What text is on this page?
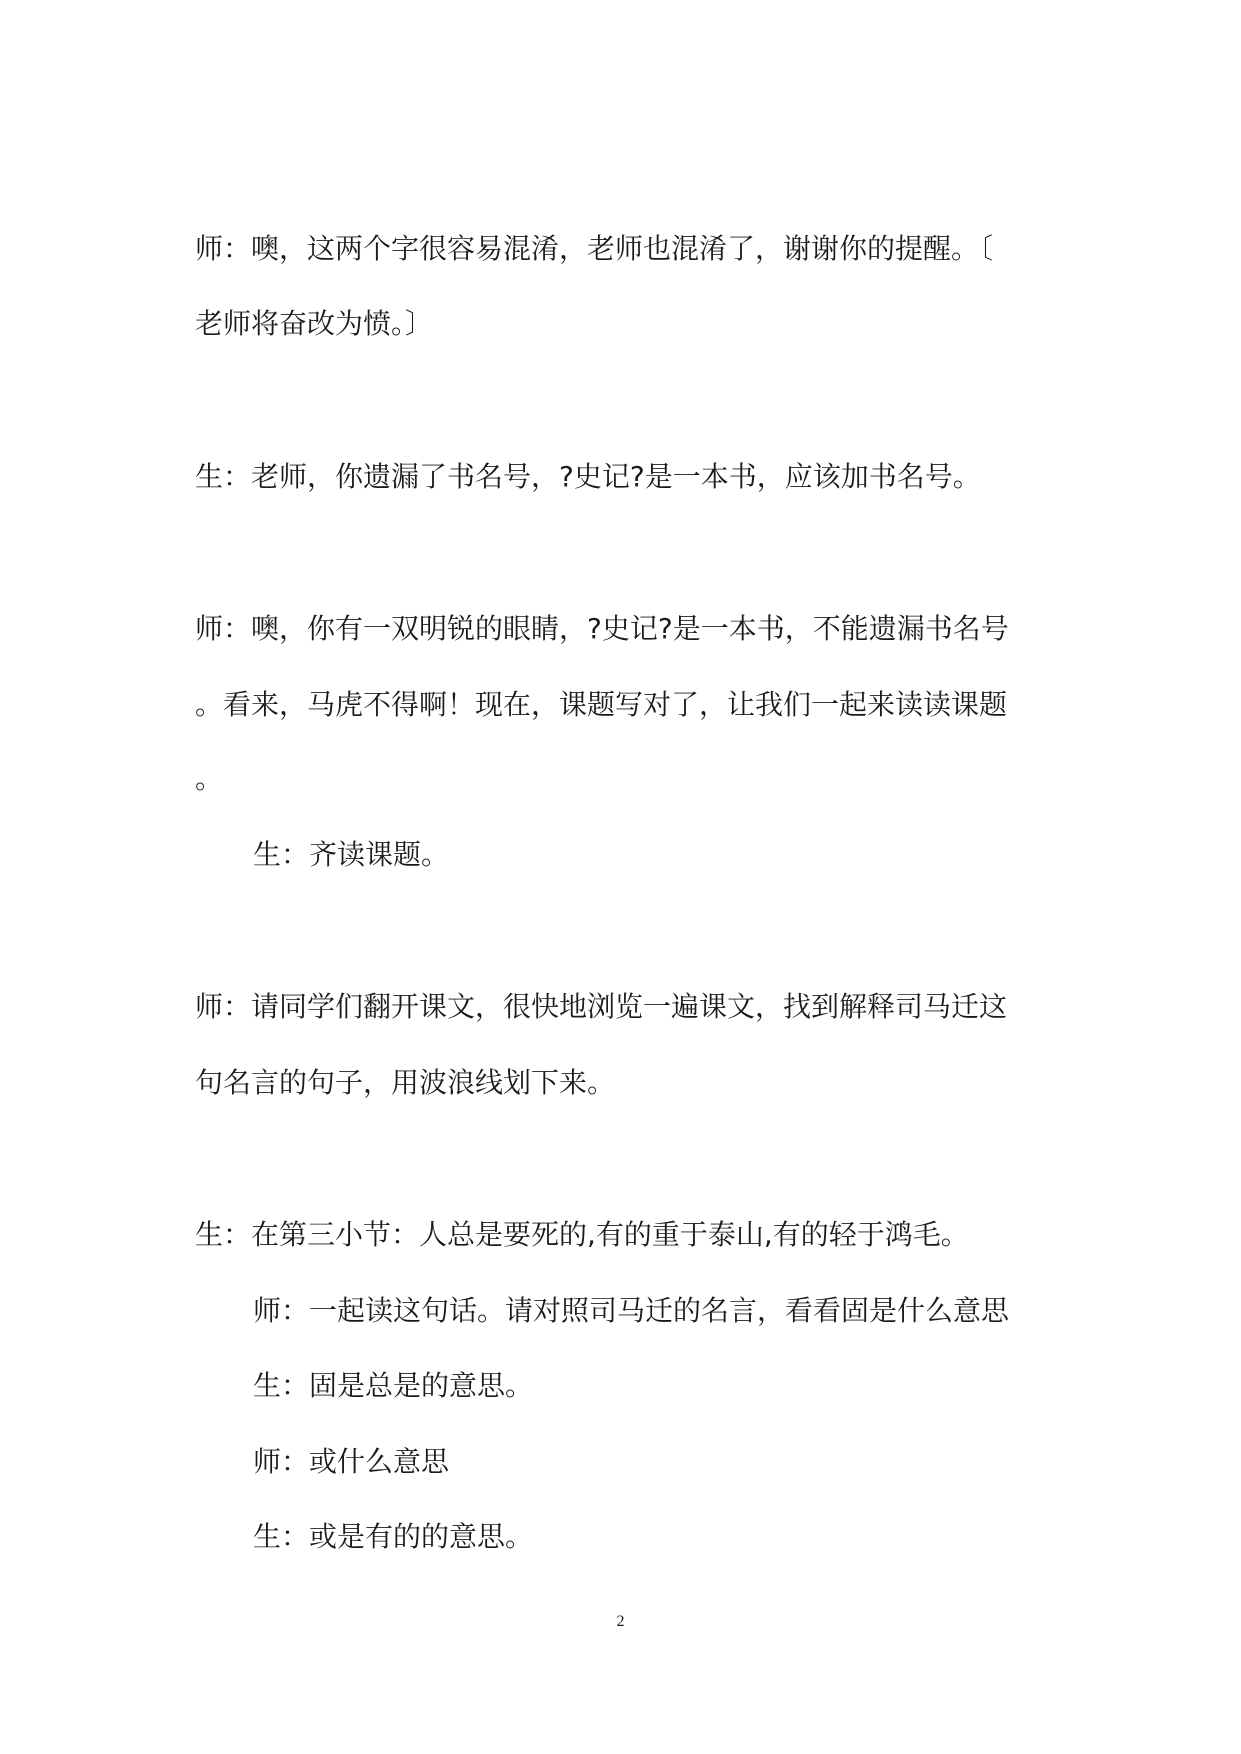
师：噢，这两个字很容易混淆，老师也混淆了，谢谢你的提醒。〔
老师将奋改为愤。〕
生：老师，你遗漏了书名号，?史记?是一本书，应该加书名号。
师：噢，你有一双明锐的眼睛，?史记?是一本书，不能遗漏书名号
。看来，马虎不得啊！现在，课题写对了，让我们一起来读读课题
。
生：齐读课题。
师：请同学们翻开课文，很快地浏览一遍课文，找到解释司马迁这
句名言的句子，用波浪线划下来。
生：在第三小节：人总是要死的,有的重于泰山,有的轻于鸿毛。
师：一起读这句话。请对照司马迁的名言，看看固是什么意思
生：固是总是的意思。
师：或什么意思
生：或是有的的意思。
2
